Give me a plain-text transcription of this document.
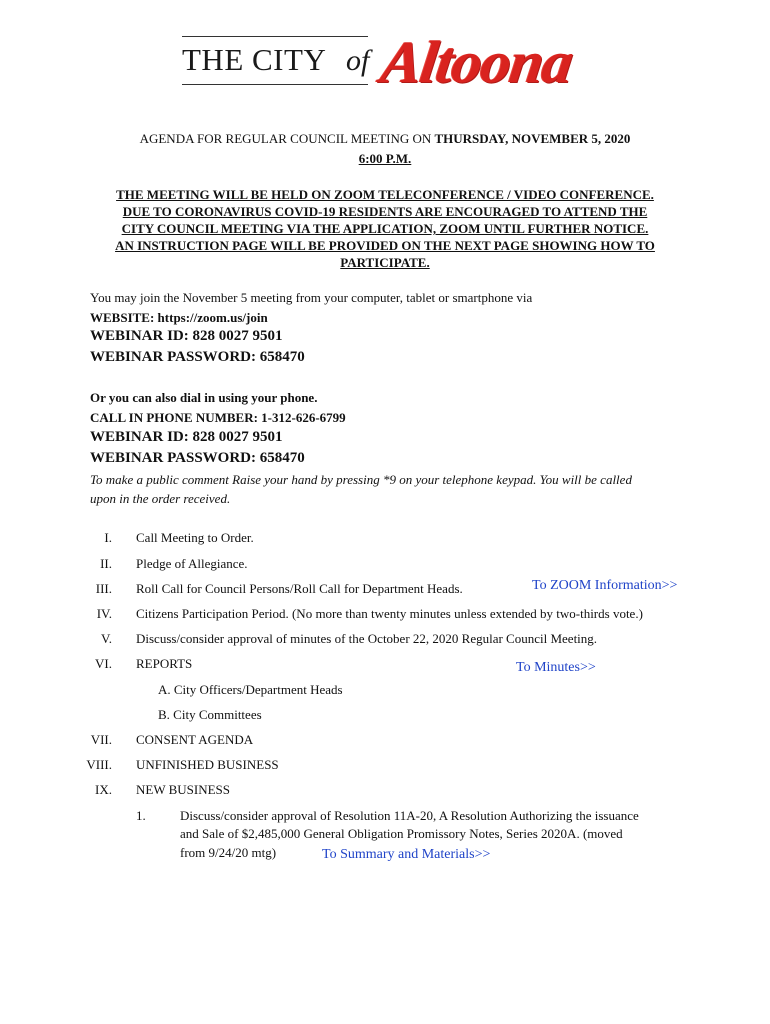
THE CITY of Altoona
AGENDA FOR REGULAR COUNCIL MEETING ON THURSDAY, NOVEMBER 5, 2020
6:00 P.M.
THE MEETING WILL BE HELD ON ZOOM TELECONFERENCE / VIDEO CONFERENCE.
DUE TO CORONAVIRUS COVID-19 RESIDENTS ARE ENCOURAGED TO ATTEND THE
CITY COUNCIL MEETING VIA THE APPLICATION, ZOOM UNTIL FURTHER NOTICE.
AN INSTRUCTION PAGE WILL BE PROVIDED ON THE NEXT PAGE SHOWING HOW TO
PARTICIPATE.
You may join the November 5 meeting from your computer, tablet or smartphone via
WEBSITE: https://zoom.us/join
WEBINAR ID: 828 0027 9501
WEBINAR PASSWORD: 658470
Or you can also dial in using your phone.
CALL IN PHONE NUMBER: 1-312-626-6799
WEBINAR ID: 828 0027 9501
WEBINAR PASSWORD: 658470
To make a public comment Raise your hand by pressing *9 on your telephone keypad. You will be called
upon in the order received.
I. Call Meeting to Order.
II. Pledge of Allegiance.
III. Roll Call for Council Persons/Roll Call for Department Heads.	To ZOOM Information>>
IV. Citizens Participation Period. (No more than twenty minutes unless extended by two-thirds vote.)
V. Discuss/consider approval of minutes of the October 22, 2020 Regular Council Meeting.
VI. REPORTS	To Minutes>>
A. City Officers/Department Heads
B. City Committees
VII. CONSENT AGENDA
VIII. UNFINISHED BUSINESS
IX. NEW BUSINESS
1.	Discuss/consider approval of Resolution 11A-20, A Resolution Authorizing the issuance
and Sale of $2,485,000 General Obligation Promissory Notes, Series 2020A. (moved
from 9/24/20 mtg)	To Summary and Materials>>
